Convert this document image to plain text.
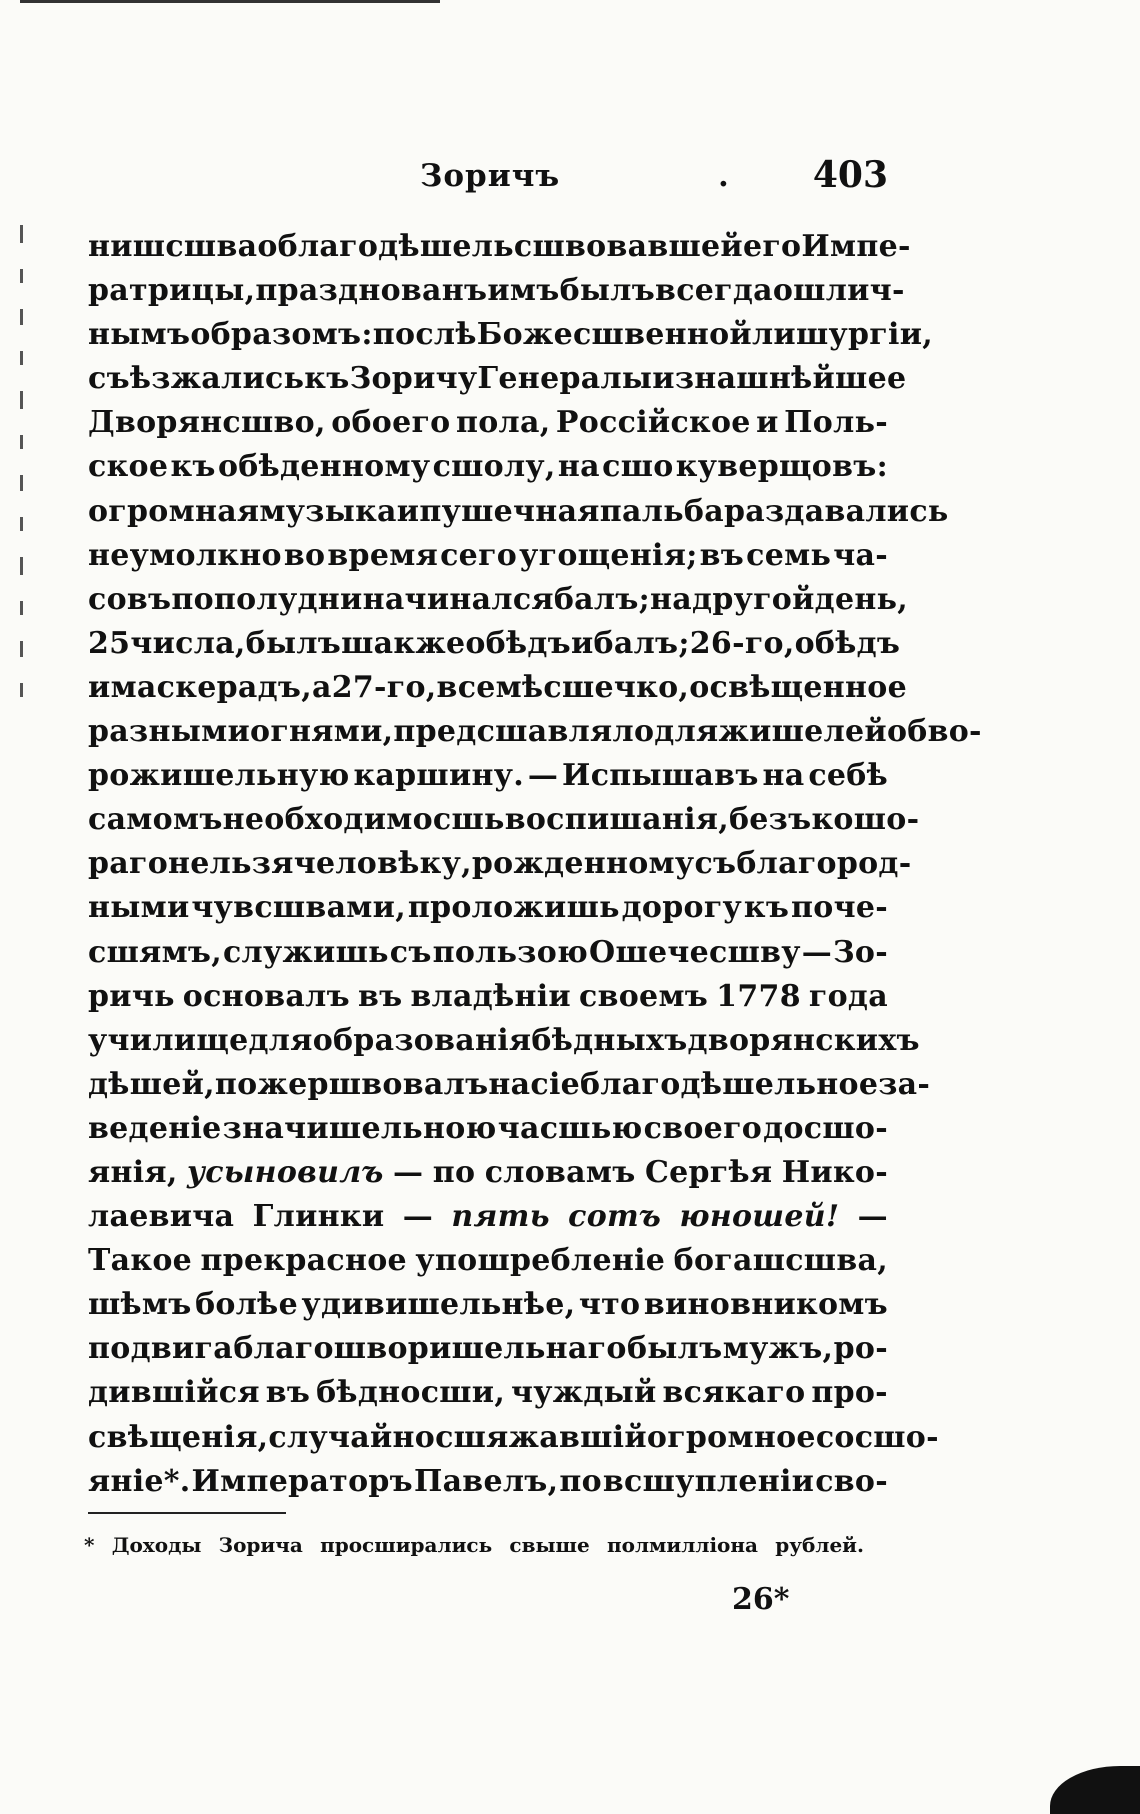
Зоричъ	. 403
нишсшва облагодѣшельсшвовавшей его Импе-
ратрицы, празднованъ имъ былъ всегда ошлич-
нымъ образомъ: послѣ Божесшвенной лишургіи,
съѣзжались къ Зоричу Генералы и знашнѣйшее
Дворянсшво, обоего пола, Россійское и Поль-
ское къ обѣденному сшолу, на сшо куверщовъ:
огромная музыка и пушечная пальба раздавались
неумолкно во время сего угощенія; въ семь ча-
совъ по полудни начинался балъ; на другой день,
25 числа, былъ шакже обѣдъ и балъ; 26-го, обѣдъ
и маскерадъ, а 27-го, все мѣсшечко, освѣщенное
разными огнями, предсшавляло для жишелей обво-
рожишельную каршину. — Испышавъ на себѣ
самомъ необходимосшь воспишанія, безъ кошо-
раго не льзя человѣку, рожденному съ благород-
ными чувсшвами, проложишь дорогу къ поче-
сшямъ, служишь съ пользою Ошечесшву — Зо-
ричь основалъ въ владѣніи своемъ 1778 года
училище для образованія бѣдныхъ дворянскихъ
дѣшей, пожершвовалъ на сіе благодѣшельное за-
веденіе значишельною часшью своего досшо-
янія, усыновилъ — по словамъ Сергѣя Нико-
лаевича Глинки — пять сотъ юношей! —
Такое прекрасное упошребленіе богашсшва,
шѣмъ болѣе удивишельнѣе, что виновникомъ
подвига благошворишельнаго былъ мужъ, ро-
дившійся въ бѣдносши, чуждый всякаго про-
свѣщенія, случайно сшяжавшій огромное сосшо-
яніе*. Императоръ Павелъ, по всшупленіи сво-
* Доходы Зорича просширались свыше полмилліона рублей.
26*
